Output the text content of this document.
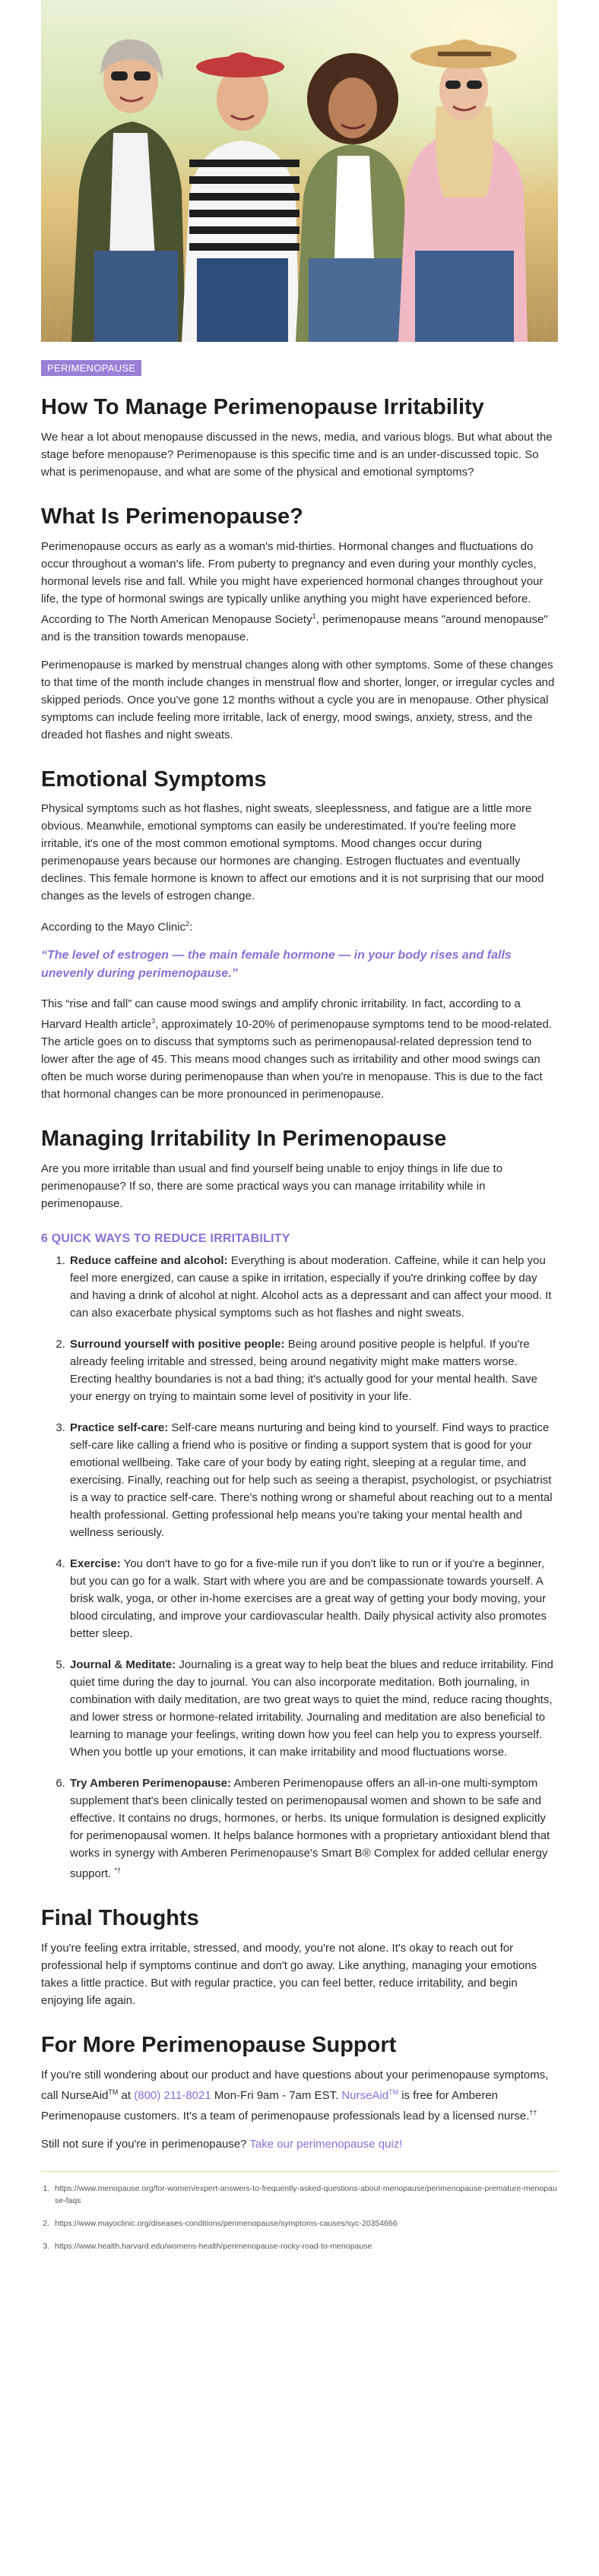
PERIMENOPAUSE
How To Manage Perimenopause Irritability

We hear a lot about menopause discussed in the news, media, and various blogs. But what about the stage before menopause? Perimenopause is this specific time and is an under-discussed topic. So what is perimenopause, and what are some of the physical and emotional symptoms?

What Is Perimenopause?

Perimenopause occurs as early as a woman's mid-thirties. Hormonal changes and fluctuations do occur throughout a woman's life. From puberty to pregnancy and even during your monthly cycles, hormonal levels rise and fall. While you might have experienced hormonal changes throughout your life, the type of hormonal swings are typically unlike anything you might have experienced before. According to The North American Menopause Society$^1$, perimenopause means "around menopause" and is the transition towards menopause.

Perimenopause is marked by menstrual changes along with other symptoms. Some of these changes to that time of the month include changes in menstrual flow and shorter, longer, or irregular cycles and skipped periods. Once you've gone 12 months without a cycle you are in menopause. Other physical symptoms can include feeling more irritable, lack of energy, mood swings, anxiety, stress, and the dreaded hot flashes and night sweats.

Emotional Symptoms

Physical symptoms such as hot flashes, night sweats, sleeplessness, and fatigue are a little more obvious. Meanwhile, emotional symptoms can easily be underestimated. If you're feeling more irritable, it's one of the most common emotional symptoms. Mood changes occur during perimenopause years because our hormones are changing. Estrogen fluctuates and eventually declines. This female hormone is known to affect our emotions and it is not surprising that our mood changes as the levels of estrogen change.

According to the Mayo Clinic$^2$:

“The level of estrogen — the main female hormone — in your body rises and falls unevenly during perimenopause.”

This “rise and fall” can cause mood swings and amplify chronic irritability. In fact, according to a Harvard Health article$^3$, approximately 10-20% of perimenopause symptoms tend to be mood-related. The article goes on to discuss that symptoms such as perimenopausal-related depression tend to lower after the age of 45. This means mood changes such as irritability and other mood swings can often be much worse during perimenopause than when you're in menopause. This is due to the fact that hormonal changes can be more pronounced in perimenopause.

Managing Irritability In Perimenopause

Are you more irritable than usual and find yourself being unable to enjoy things in life due to perimenopause? If so, there are some practical ways you can manage irritability while in perimenopause.

6 QUICK WAYS TO REDUCE IRRITABILITY
1. Reduce caffeine and alcohol: Everything is about moderation. Caffeine, while it can help you feel more energized, can cause a spike in irritation, especially if you're drinking coffee by day and having a drink of alcohol at night. Alcohol acts as a depressant and can affect your mood. It can also exacerbate physical symptoms such as hot flashes and night sweats.
2. Surround yourself with positive people: Being around positive people is helpful. If you're already feeling irritable and stressed, being around negativity might make matters worse. Erecting healthy boundaries is not a bad thing; it's actually good for your mental health. Save your energy on trying to maintain some level of positivity in your life.
3. Practice self-care: Self-care means nurturing and being kind to yourself. Find ways to practice self-care like calling a friend who is positive or finding a support system that is good for your emotional wellbeing. Take care of your body by eating right, sleeping at a regular time, and exercising. Finally, reaching out for help such as seeing a therapist, psychologist, or psychiatrist is a way to practice self-care. There's nothing wrong or shameful about reaching out to a mental health professional. Getting professional help means you're taking your mental health and wellness seriously.
4. Exercise: You don't have to go for a five-mile run if you don't like to run or if you're a beginner, but you can go for a walk. Start with where you are and be compassionate towards yourself. A brisk walk, yoga, or other in-home exercises are a great way of getting your body moving, your blood circulating, and improve your cardiovascular health. Daily physical activity also promotes better sleep.
5. Journal & Meditate: Journaling is a great way to help beat the blues and reduce irritability. Find quiet time during the day to journal. You can also incorporate meditation. Both journaling, in combination with daily meditation, are two great ways to quiet the mind, reduce racing thoughts, and lower stress or hormone-related irritability. Journaling and meditation are also beneficial to learning to manage your feelings, writing down how you feel can help you to express yourself. When you bottle up your emotions, it can make irritability and mood fluctuations worse.
6. Try Amberen Perimenopause: Amberen Perimenopause offers an all-in-one multi-symptom supplement that's been clinically tested on perimenopausal women and shown to be safe and effective. It contains no drugs, hormones, or herbs. Its unique formulation is designed explicitly for perimenopausal women. It helps balance hormones with a proprietary antioxidant blend that works in synergy with Amberen Perimenopause's Smart B® Complex for added cellular energy support. *†
Final Thoughts

If you're feeling extra irritable, stressed, and moody, you're not alone. It's okay to reach out for professional help if symptoms continue and don't go away. Like anything, managing your emotions takes a little practice. But with regular practice, you can feel better, reduce irritability, and begin enjoying life again.

For More Perimenopause Support

If you're still wondering about our product and have questions about your perimenopause symptoms, call NurseAid™ at (800) 211-8021 Mon-Fri 9am - 7am EST. NurseAid™ is free for Amberen Perimenopause customers. It's a team of perimenopause professionals lead by a licensed nurse.††

Still not sure if you're in perimenopause? Take our perimenopause quiz!

1. https://www.menopause.org/for-women/expert-answers-to-frequently-asked-questions-about-menopause/perimenopause-premature-menopause-faqs
2. https://www.mayoclinic.org/diseases-conditions/perimenopause/symptoms-causes/syc-20354666
3. https://www.health.harvard.edu/womens-health/perimenopause-rocky-road-to-menopause
